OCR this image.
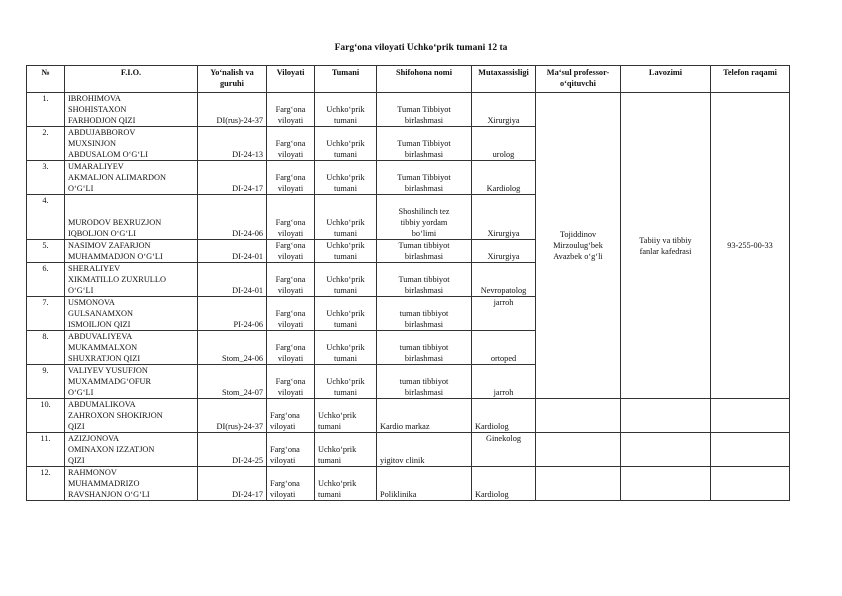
Farg‘ona viloyati Uchko‘prik tumani 12 ta
№	F.I.O.	Yo‘nalish va guruhi	Viloyati	Tumani	Shifohona nomi	Mutaxassisligi	Ma‘sul professor-o‘qituvchi	Lavozimi	Telefon raqami
1.	IBROHIMOVA
SHOHISTAXON
FARHODJON QIZI	DI(rus)-24-37	Farg‘ona
viloyati	Uchko‘prik
tumani	Tuman Tibbiyot
birlashmasi	Xirurgiya	Tojiddinov
Mirzoulug‘bek
Avazbek o‘g‘li	Tabiiy va tibbiy
fanlar kafedrasi	93-255-00-33
2.	ABDUJABBOROV
MUXSINJON
ABDUSALOM O‘G‘LI	DI-24-13	Farg‘ona
viloyati	Uchko‘prik
tumani	Tuman Tibbiyot
birlashmasi	urolog			
3.	UMARALIYEV
AKMALJON ALIMARDON
O‘G‘LI	DI-24-17	Farg‘ona
viloyati	Uchko‘prik
tumani	Tuman Tibbiyot
birlashmasi	Kardiolog			
4.	
MURODOV BEXRUZJON
IQBOLJON O‘G‘LI	DI-24-06	Farg‘ona
viloyati	Uchko‘prik
tumani	Shoshilinch tez
tibbiy yordam
bo‘limi	Xirurgiya			
5.	NASIMOV ZAFARJON
MUHAMMADJON O‘G‘LI	DI-24-01	Farg‘ona
viloyati	Uchko‘prik
tumani	Tuman tibbiyot
birlashmasi	Xirurgiya			
6.	SHERALIYEV
XIKMATILLO ZUXRULLO
O‘G‘LI	DI-24-01	Farg‘ona
viloyati	Uchko‘prik
tumani	Tuman tibbiyot
birlashmasi	Nevropatolog			
7.	USMONOVA
GULSANAMXON
ISMOILJON QIZI	PI-24-06	Farg‘ona
viloyati	Uchko‘prik
tumani	tuman tibbiyot
birlashmasi	jarroh			
8.	ABDUVALIYEVA
MUKAMMALXON
SHUXRATJON QIZI	Stom_24-06	Farg‘ona
viloyati	Uchko‘prik
tumani	tuman tibbiyot
birlashmasi	ortoped			
9.	VALIYEV YUSUFJON
MUXAMMADG‘OFUR
O‘G‘LI	Stom_24-07	Farg‘ona
viloyati	Uchko‘prik
tumani	tuman tibbiyot
birlashmasi	jarroh			
10.	ABDUMALIKOVA
ZAHROXON SHOKIRJON
QIZI	DI(rus)-24-37	Farg‘ona
viloyati	Uchko‘prik
tumani	Kardio markaz	Kardiolog			
11.	AZIZJONOVA
OMINAXON IZZATJON
QIZI	DI-24-25	Farg‘ona
viloyati	Uchko‘prik
tumani	yigitov clinik	Ginekolog			
12.	RAHMONOV
MUHAMMADRIZO
RAVSHANJON O‘G‘LI	DI-24-17	Farg‘ona
viloyati	Uchko‘prik
tumani	Poliklinika	Kardiolog			
